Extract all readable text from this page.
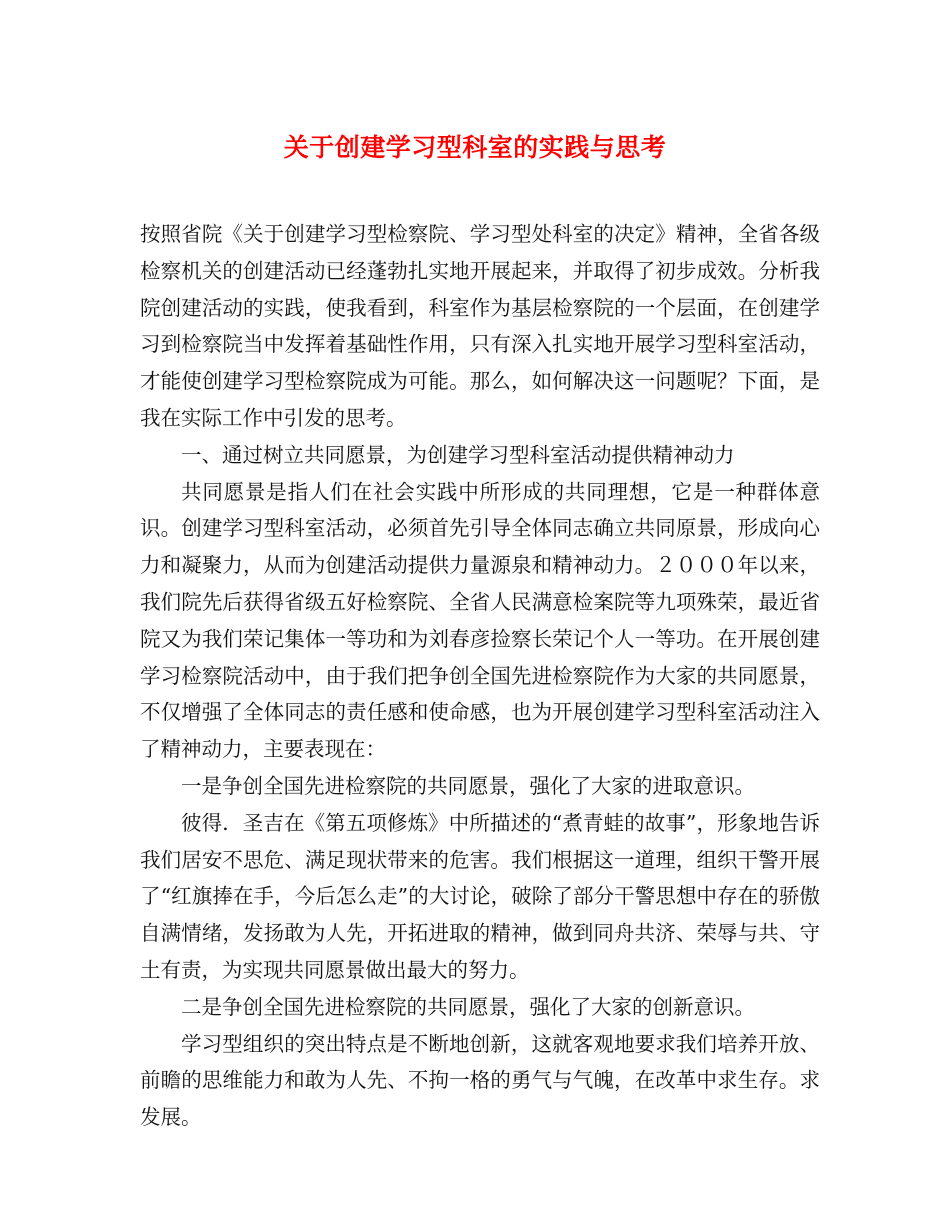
关于创建学习型科室的实践与思考

按照省院《关于创建学习型检察院、学习型处科室的决定》精神，全省各级检察机关的创建活动已经蓬勃扎实地开展起来，并取得了初步成效。分析我院创建活动的实践，使我看到，科室作为基层检察院的一个层面，在创建学习到检察院当中发挥着基础性作用，只有深入扎实地开展学习型科室活动，才能使创建学习型检察院成为可能。那么，如何解决这一问题呢？下面，是我在实际工作中引发的思考。

一、通过树立共同愿景，为创建学习型科室活动提供精神动力

共同愿景是指人们在社会实践中所形成的共同理想，它是一种群体意识。创建学习型科室活动，必须首先引导全体同志确立共同原景，形成向心力和凝聚力，从而为创建活动提供力量源泉和精神动力。２０００年以来，我们院先后获得省级五好检察院、全省人民满意检案院等九项殊荣，最近省院又为我们荣记集体一等功和为刘春彦捡察长荣记个人一等功。在开展创建学习检察院活动中，由于我们把争创全国先进检察院作为大家的共同愿景，不仅增强了全体同志的责任感和使命感，也为开展创建学习型科室活动注入了精神动力，主要表现在：

一是争创全国先进检察院的共同愿景，强化了大家的进取意识。

彼得．圣吉在《第五项修炼》中所描述的“煮青蛙的故事”，形象地告诉我们居安不思危、满足现状带来的危害。我们根据这一道理，组织干警开展了“红旗捧在手，今后怎么走”的大讨论，破除了部分干警思想中存在的骄傲自满情绪，发扬敢为人先，开拓进取的精神，做到同舟共济、荣辱与共、守土有责，为实现共同愿景做出最大的努力。

二是争创全国先进检察院的共同愿景，强化了大家的创新意识。

学习型组织的突出特点是不断地创新，这就客观地要求我们培养开放、前瞻的思维能力和敢为人先、不拘一格的勇气与气魄，在改革中求生存。求发展。
